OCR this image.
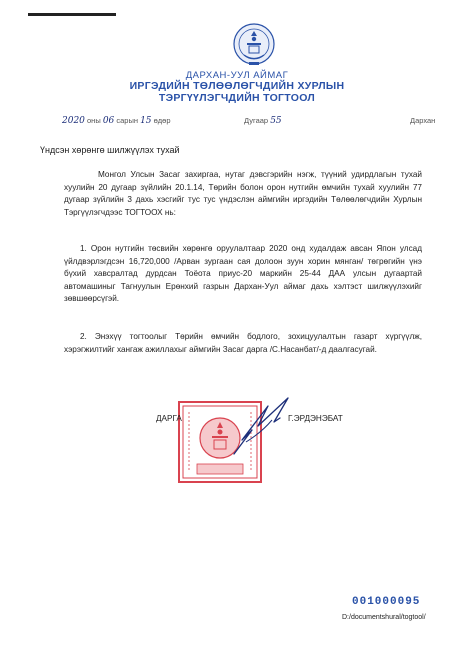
ДАРХАН-УУЛ АЙМАГ
ИРГЭДИЙН ТӨЛӨӨЛӨГЧДИЙН ХУРЛЫН
ТЭРГҮҮЛЭГЧДИЙН ТОГТООЛ
2020 оны 06 сарын 15 өдөр	Дугаар 55	Дархан
Үндсэн хөрөнгө шилжүүлэх тухай
Монгол Улсын Засаг захиргаа, нутаг дэвсгэрийн нэгж, түүний удирдлагын тухай хуулийн 20 дугаар зүйлийн 20.1.14, Төрийн болон орон нутгийн өмчийн тухай хуулийн 77 дугаар зүйлийн 3 дахь хэсгийг тус тус үндэслэн аймгийн иргэдийн Төлөөлөгчдийн Хурлын Тэргүүлэгчдээс ТОГТООХ нь:
1. Орон нутгийн төсвийн хөрөнгө оруулалтаар 2020 онд худалдаж авсан Япон улсад үйлдвэрлэгдсэн 16,720,000 /Арван зургаан сая долоон зуун хорин мянган/ төгрөгийн үнэ бүхий хавсралтад дурдсан Тоёота приус-20 маркийн 25-44 ДАА улсын дугаартай автомашиныг Тагнуулын Ерөнхий газрын Дархан-Уул аймаг дахь хэлтэст шилжүүлэхийг зөвшөөрсүгэй.
2. Энэхүү тогтоолыг Төрийн өмчийн бодлого, зохицуулалтын газарт хүргүүлж, хэрэгжилтийг хангаж ажиллахыг аймгийн Засаг дарга /С.Насанбат/-д даалгасугай.
ДАРГА	Г.ЭРДЭНЭБАТ
001000095
D:/documentshural/togtool/
